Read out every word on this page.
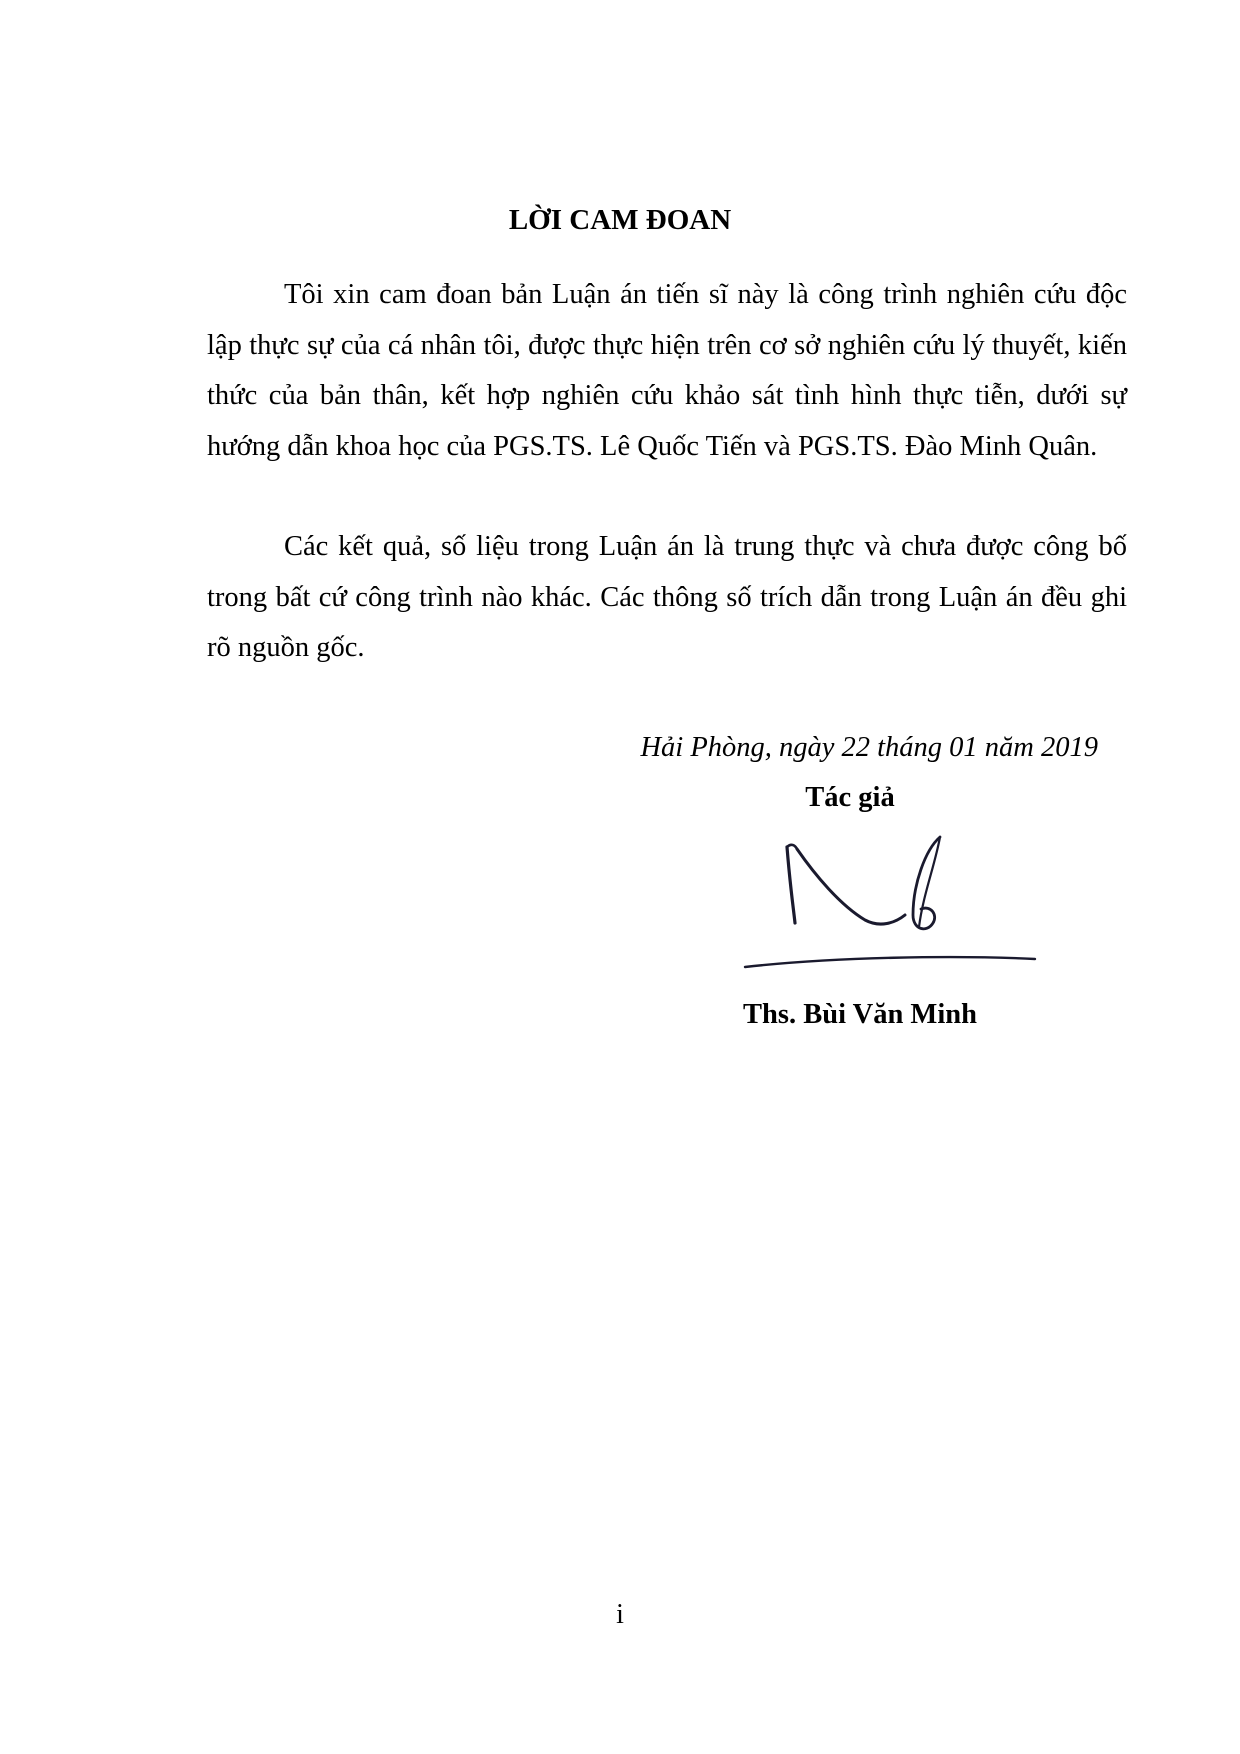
LỜI CAM ĐOAN

Tôi xin cam đoan bản Luận án tiến sĩ này là công trình nghiên cứu độc lập thực sự của cá nhân tôi, được thực hiện trên cơ sở nghiên cứu lý thuyết, kiến thức của bản thân, kết hợp nghiên cứu khảo sát tình hình thực tiễn, dưới sự hướng dẫn khoa học của PGS.TS. Lê Quốc Tiến và PGS.TS. Đào Minh Quân.

Các kết quả, số liệu trong Luận án là trung thực và chưa được công bố trong bất cứ công trình nào khác. Các thông số trích dẫn trong Luận án đều ghi rõ nguồn gốc.

Hải Phòng, ngày 22 tháng 01 năm 2019
Tác giả
Ths. Bùi Văn Minh
i
